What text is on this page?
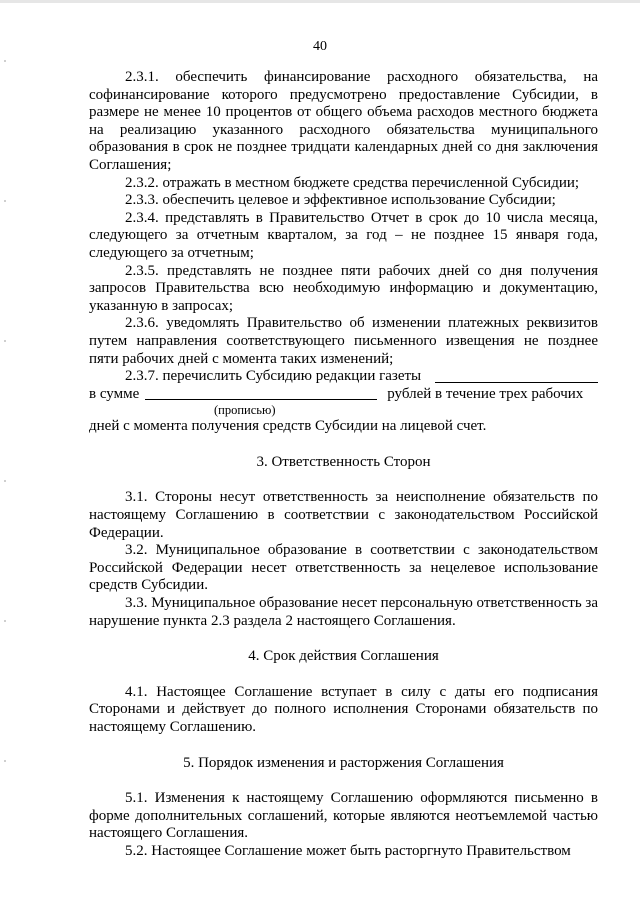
40

2.3.1. обеспечить финансирование расходного обязательства, на софинансирование которого предусмотрено предоставление Субсидии, в размере не менее 10 процентов от общего объема расходов местного бюджета на реализацию указанного расходного обязательства муниципального образования в срок не позднее тридцати календарных дней со дня заключения Соглашения;

2.3.2. отражать в местном бюджете средства перечисленной Субсидии;

2.3.3. обеспечить целевое и эффективное использование Субсидии;

2.3.4. представлять в Правительство Отчет в срок до 10 числа месяца, следующего за отчетным кварталом, за год – не позднее 15 января года, следующего за отчетным;

2.3.5. представлять не позднее пяти рабочих дней со дня получения запросов Правительства всю необходимую информацию и документацию, указанную в запросах;

2.3.6. уведомлять Правительство об изменении платежных реквизитов путем направления соответствующего письменного извещения не позднее пяти рабочих дней с момента таких изменений;

2.3.7. перечислить Субсидию редакции газеты
в сумме	рублей в течение трех рабочих
(прописью)

дней с момента получения средств Субсидии на лицевой счет.

3. Ответственность Сторон

3.1. Стороны несут ответственность за неисполнение обязательств по настоящему Соглашению в соответствии с законодательством Российской Федерации.

3.2. Муниципальное образование в соответствии с законодательством Российской Федерации несет ответственность за нецелевое использование средств Субсидии.

3.3. Муниципальное образование несет персональную ответственность за нарушение пункта 2.3 раздела 2 настоящего Соглашения.

4. Срок действия Соглашения

4.1. Настоящее Соглашение вступает в силу с даты его подписания Сторонами и действует до полного исполнения Сторонами обязательств по настоящему Соглашению.

5. Порядок изменения и расторжения Соглашения

5.1. Изменения к настоящему Соглашению оформляются письменно в форме дополнительных соглашений, которые являются неотъемлемой частью настоящего Соглашения.

5.2. Настоящее Соглашение может быть расторгнуто Правительством
